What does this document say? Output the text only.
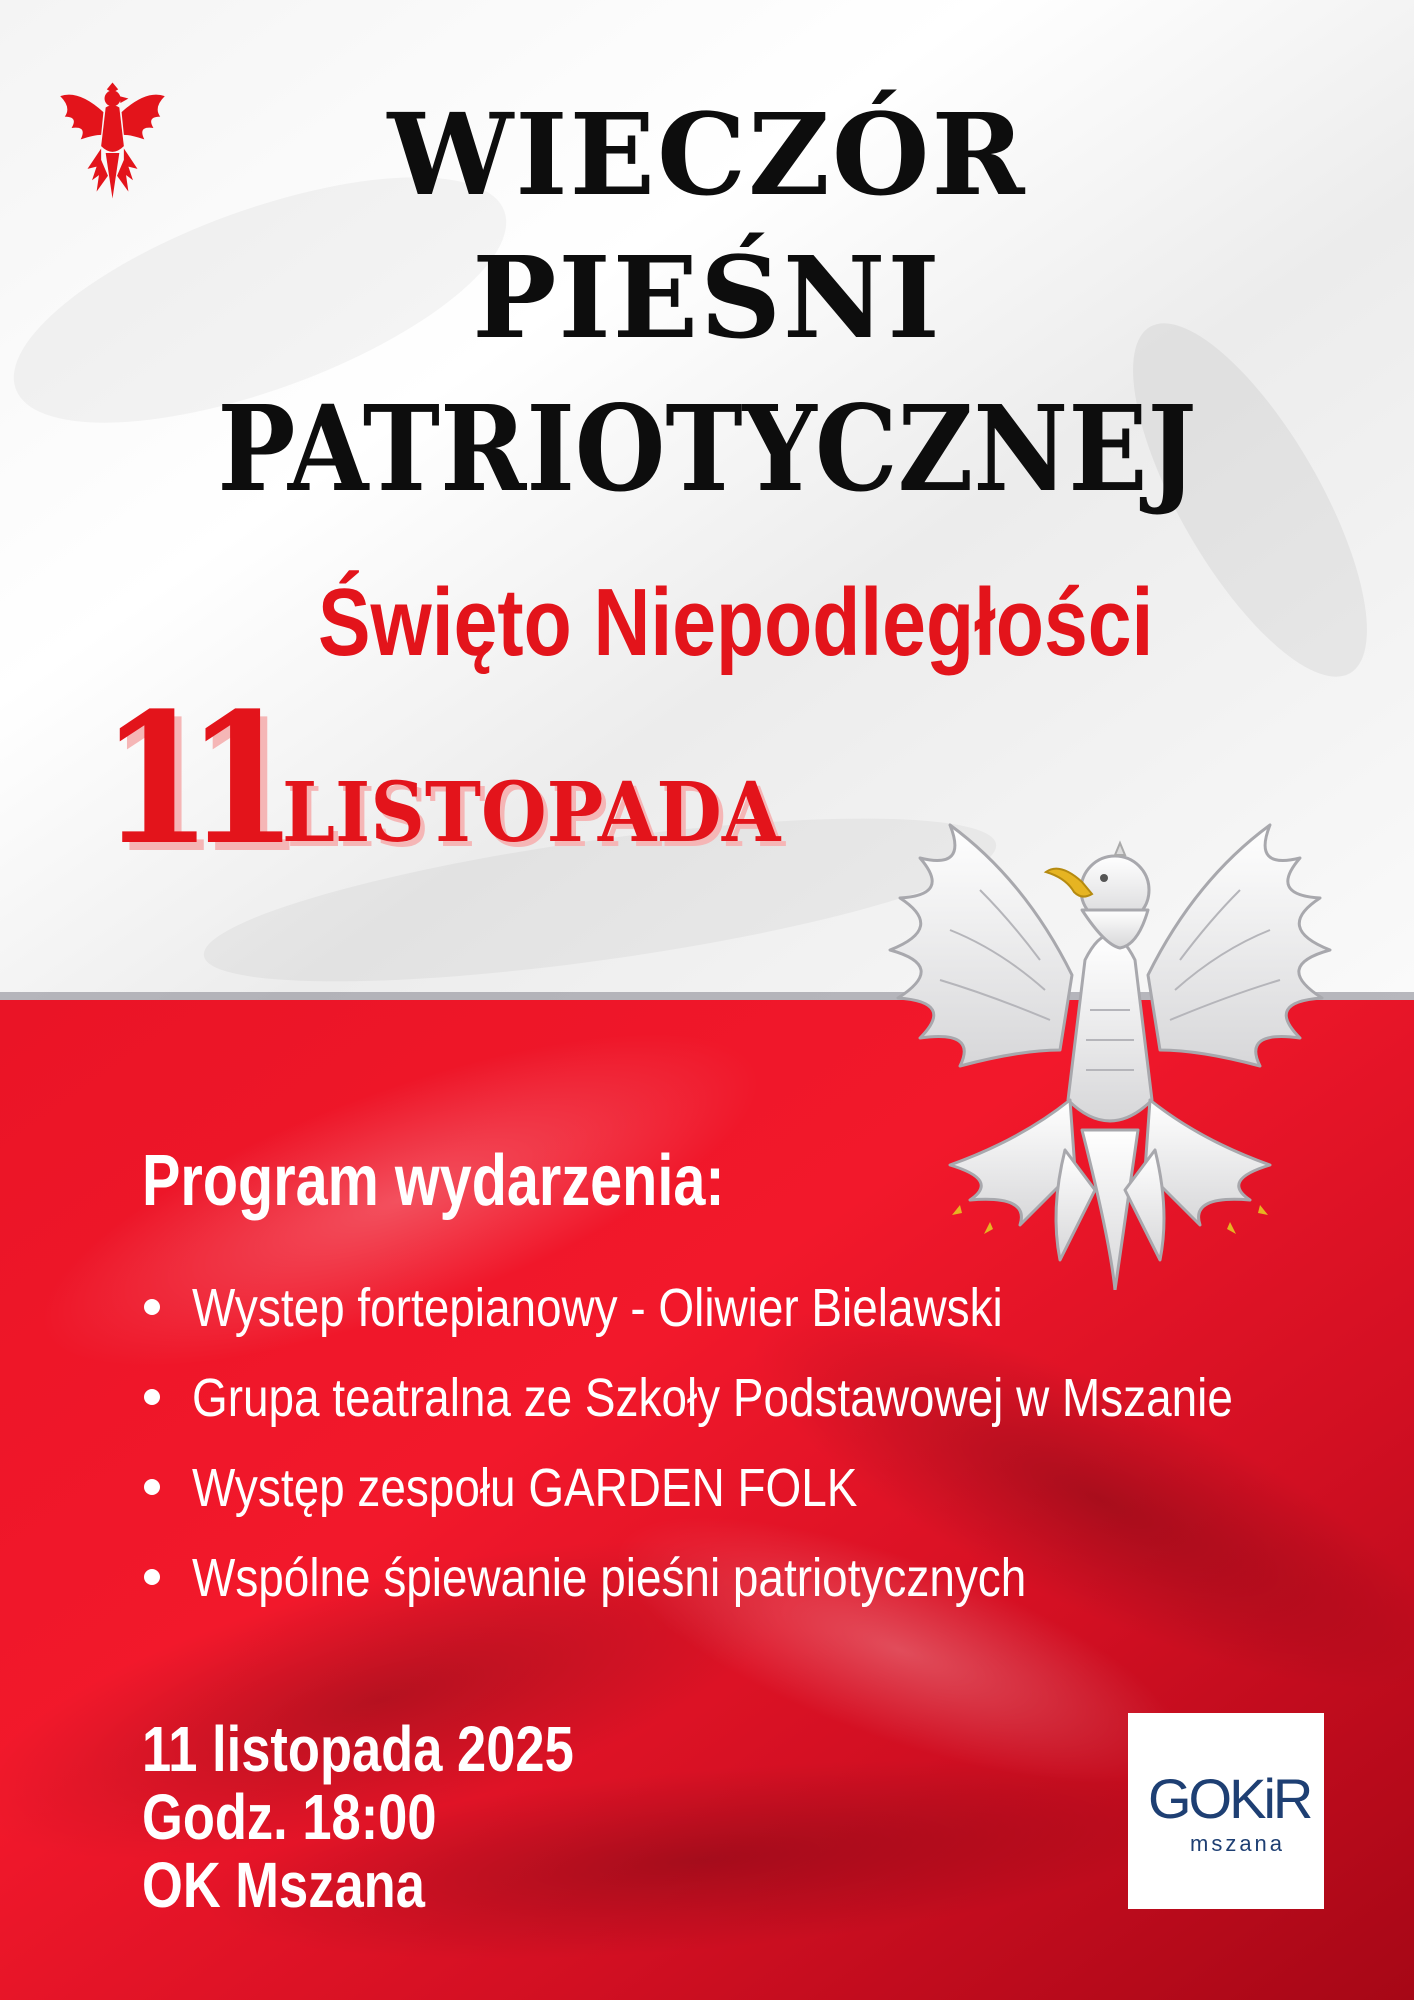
WIECZÓR
PIEŚNI
PATRIOTYCZNEJ
Święto Niepodległości
11 LISTOPADA
Program wydarzenia:
Wystep fortepianowy - Oliwier Bielawski
Grupa teatralna ze Szkoły Podstawowej w Mszanie
Występ zespołu GARDEN FOLK
Wspólne śpiewanie pieśni patriotycznych
11 listopada 2025
Godz. 18:00
OK Mszana
GOKiR
mszana
